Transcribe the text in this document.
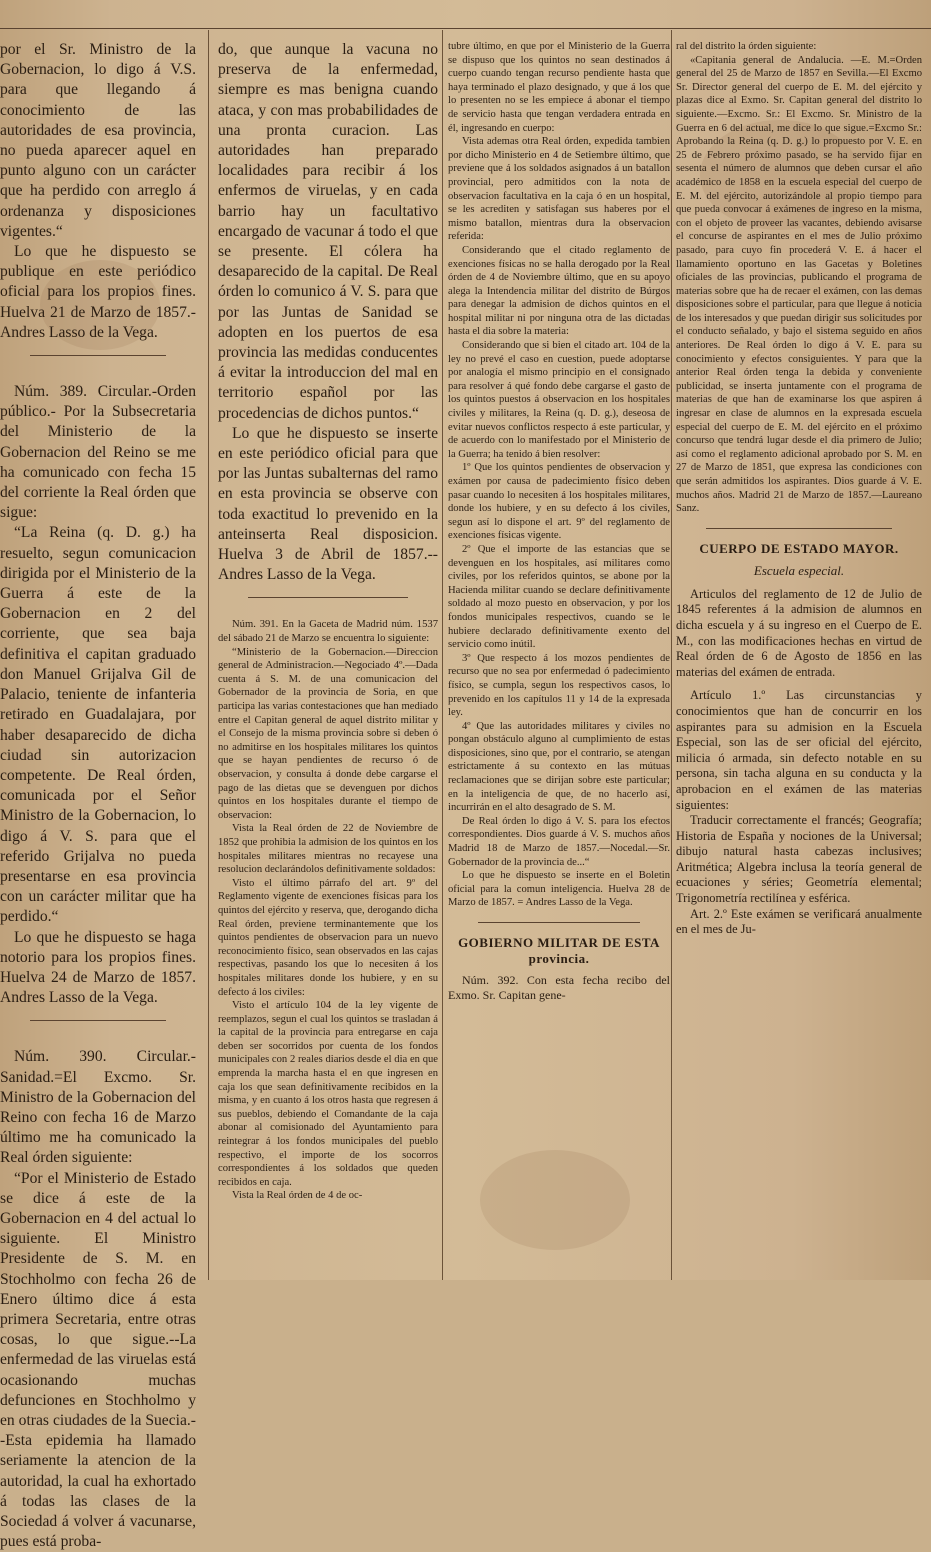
por el Sr. Ministro de la Gobernacion, lo digo á V.S. para que llegando á conocimiento de las autoridades de esa provincia, no pueda aparecer aquel en punto alguno con un carácter que ha perdido con arreglo á ordenanza y disposiciones vigentes.“

Lo que he dispuesto se publique en este periódico oficial para los propios fines. Huelva 21 de Marzo de 1857.-Andres Lasso de la Vega.

Núm. 389. Circular.-Orden público.- Por la Subsecretaria del Ministerio de la Gobernacion del Reino se me ha comunicado con fecha 15 del corriente la Real órden que sigue:

“La Reina (q. D. g.) ha resuelto, segun comunicacion dirigida por el Ministerio de la Guerra á este de la Gobernacion en 2 del corriente, que sea baja definitiva el capitan graduado don Manuel Grijalva Gil de Palacio, teniente de infanteria retirado en Guadalajara, por haber desaparecido de dicha ciudad sin autorizacion competente. De Real órden, comunicada por el Señor Ministro de la Gobernacion, lo digo á V. S. para que el referido Grijalva no pueda presentarse en esa provincia con un carácter militar que ha perdido.“

Lo que he dispuesto se haga notorio para los propios fines. Huelva 24 de Marzo de 1857. Andres Lasso de la Vega.

Núm. 390. Circular.-Sanidad.=El Excmo. Sr. Ministro de la Gobernacion del Reino con fecha 16 de Marzo último me ha comunicado la Real órden siguiente:

“Por el Ministerio de Estado se dice á este de la Gobernacion en 4 del actual lo siguiente. El Ministro Presidente de S. M. en Stochholmo con fecha 26 de Enero último dice á esta primera Secretaria, entre otras cosas, lo que sigue.--La enfermedad de las viruelas está ocasionando muchas defunciones en Stochholmo y en otras ciudades de la Suecia.--Esta epidemia ha llamado seriamente la atencion de la autoridad, la cual ha exhortado á todas las clases de la Sociedad á volver á vacunarse, pues está proba-

do, que aunque la vacuna no preserva de la enfermedad, siempre es mas benigna cuando ataca, y con mas probabilidades de una pronta curacion. Las autoridades han preparado localidades para recibir á los enfermos de viruelas, y en cada barrio hay un facultativo encargado de vacunar á todo el que se presente. El cólera ha desaparecido de la capital. De Real órden lo comunico á V. S. para que por las Juntas de Sanidad se adopten en los puertos de esa provincia las medidas conducentes á evitar la introduccion del mal en territorio español por las procedencias de dichos puntos.“

Lo que he dispuesto se inserte en este periódico oficial para que por las Juntas subalternas del ramo en esta provincia se observe con toda exactitud lo prevenido en la anteinserta Real disposicion. Huelva 3 de Abril de 1857.--Andres Lasso de la Vega.

Núm. 391. En la Gaceta de Madrid núm. 1537 del sábado 21 de Marzo se encuentra lo siguiente:

“Ministerio de la Gobernacion.—Direccion general de Administracion.—Negociado 4º.—Dada cuenta á S. M. de una comunicacion del Gobernador de la provincia de Soria, en que participa las varias contestaciones que han mediado entre el Capitan general de aquel distrito militar y el Consejo de la misma provincia sobre si deben ó no admitirse en los hospitales militares los quintos que se hayan pendientes de recurso ó de observacion, y consulta á donde debe cargarse el pago de las dietas que se devenguen por dichos quintos en los hospitales durante el tiempo de observacion:

Vista la Real órden de 22 de Noviembre de 1852 que prohibia la admision de los quintos en los hospitales militares mientras no recayese una resolucion declarándolos definitivamente soldados:

Visto el último párrafo del art. 9º del Reglamento vigente de exenciones físicas para los quintos del ejército y reserva, que, derogando dicha Real órden, previene terminantemente que los quintos pendientes de observacion para un nuevo reconocimiento físico, sean observados en las cajas respectivas, pasando los que lo necesiten á los hospitales militares donde los hubiere, y en su defecto á los civiles:

Visto el artículo 104 de la ley vigente de reemplazos, segun el cual los quintos se trasladan á la capital de la provincia para entregarse en caja deben ser socorridos por cuenta de los fondos municipales con 2 reales diarios desde el dia en que emprenda la marcha hasta el en que ingresen en caja los que sean definitivamente recibidos en la misma, y en cuanto á los otros hasta que regresen á sus pueblos, debiendo el Comandante de la caja abonar al comisionado del Ayuntamiento para reintegrar á los fondos municipales del pueblo respectivo, el importe de los socorros correspondientes á los soldados que queden recibidos en caja.

Vista la Real órden de 4 de oc-

tubre último, en que por el Ministerio de la Guerra se dispuso que los quintos no sean destinados á cuerpo cuando tengan recurso pendiente hasta que haya terminado el plazo designado, y que á los que lo presenten no se les empiece á abonar el tiempo de servicio hasta que tengan verdadera entrada en él, ingresando en cuerpo:

Vista ademas otra Real órden, expedida tambien por dicho Ministerio en 4 de Setiembre último, que previene que á los soldados asignados á un batallon provincial, pero admitidos con la nota de observacion facultativa en la caja ó en un hospital, se les acrediten y satisfagan sus haberes por el mismo batallon, mientras dura la observacion referida:

Considerando que el citado reglamento de exenciones físicas no se halla derogado por la Real órden de 4 de Noviembre último, que en su apoyo alega la Intendencia militar del distrito de Búrgos para denegar la admision de dichos quintos en el hospital militar ni por ninguna otra de las dictadas hasta el dia sobre la materia:

Considerando que si bien el citado art. 104 de la ley no prevé el caso en cuestion, puede adoptarse por analogía el mismo principio en el consignado para resolver á qué fondo debe cargarse el gasto de los quintos puestos á observacion en los hospitales civiles y militares, la Reina (q. D. g.), deseosa de evitar nuevos conflictos respecto á este particular, y de acuerdo con lo manifestado por el Ministerio de la Guerra; ha tenido á bien resolver:

1º Que los quintos pendientes de observacion y exámen por causa de padecimiento físico deben pasar cuando lo necesiten á los hospitales militares, donde los hubiere, y en su defecto á los civiles, segun así lo dispone el art. 9º del reglamento de exenciones físicas vigente.

2º Que el importe de las estancias que se devenguen en los hospitales, así militares como civiles, por los referidos quintos, se abone por la Hacienda militar cuando se declare definitivamente soldado al mozo puesto en observacion, y por los fondos municipales respectivos, cuando se le hubiere declarado definitivamente exento del servicio como inútil.

3º Que respecto á los mozos pendientes de recurso que no sea por enfermedad ó padecimiento físico, se cumpla, segun los respectivos casos, lo prevenido en los capítulos 11 y 14 de la expresada ley.

4º Que las autoridades militares y civiles no pongan obstáculo alguno al cumplimiento de estas disposiciones, sino que, por el contrario, se atengan estrictamente á su contexto en las mútuas reclamaciones que se dirijan sobre este particular; en la inteligencia de que, de no hacerlo así, incurrirán en el alto desagrado de S. M.

De Real órden lo digo á V. S. para los efectos correspondientes. Dios guarde á V. S. muchos años Madrid 18 de Marzo de 1857.—Nocedal.—Sr. Gobernador de la provincia de...“

Lo que he dispuesto se inserte en el Boletin oficial para la comun inteligencia. Huelva 28 de Marzo de 1857. = Andres Lasso de la Vega.

GOBIERNO MILITAR DE ESTA provincia.

Núm. 392. Con esta fecha recibo del Exmo. Sr. Capitan gene-

ral del distrito la órden siguiente:

«Capitania general de Andalucia. —E. M.=Orden general del 25 de Marzo de 1857 en Sevilla.—El Excmo Sr. Director general del cuerpo de E. M. del ejército y plazas dice al Exmo. Sr. Capitan general del distrito lo siguiente.—Excmo. Sr.: El Excmo. Sr. Ministro de la Guerra en 6 del actual, me dice lo que sigue.=Excmo Sr.: Aprobando la Reina (q. D. g.) lo propuesto por V. E. en 25 de Febrero próximo pasado, se ha servido fijar en sesenta el número de alumnos que deben cursar el año académico de 1858 en la escuela especial del cuerpo de E. M. del ejército, autorizándole al propio tiempo para que pueda convocar á exámenes de ingreso en la misma, con el objeto de proveer las vacantes, debiendo avisarse el concurse de aspirantes en el mes de Julio próximo pasado, para cuyo fin procederá V. E. á hacer el llamamiento oportuno en las Gacetas y Boletines oficiales de las provincias, publicando el programa de materias sobre que ha de recaer el exámen, con las demas disposiciones sobre el particular, para que llegue á noticia de los interesados y que puedan dirigir sus solicitudes por el conducto señalado, y bajo el sistema seguido en años anteriores. De Real órden lo digo á V. E. para su conocimiento y efectos consiguientes. Y para que la anterior Real órden tenga la debida y conveniente publicidad, se inserta juntamente con el programa de materias de que han de examinarse los que aspiren á ingresar en clase de alumnos en la expresada escuela especial del cuerpo de E. M. del ejército en el próximo concurso que tendrá lugar desde el dia primero de Julio; así como el reglamento adicional aprobado por S. M. en 27 de Marzo de 1851, que expresa las condiciones con que serán admitidos los aspirantes. Dios guarde á V. E. muchos años. Madrid 21 de Marzo de 1857.—Laureano Sanz.

CUERPO DE ESTADO MAYOR.
Escuela especial.

Articulos del reglamento de 12 de Julio de 1845 referentes á la admision de alumnos en dicha escuela y á su ingreso en el Cuerpo de E. M., con las modificaciones hechas en virtud de Real órden de 6 de Agosto de 1856 en las materias del exámen de entrada.

Artículo 1.º Las circunstancias y conocimientos que han de concurrir en los aspirantes para su admision en la Escuela Especial, son las de ser oficial del ejército, milicia ó armada, sin defecto notable en su persona, sin tacha alguna en su conducta y la aprobacion en el exámen de las materias siguientes:

Traducir correctamente el francés; Geografía; Historia de España y nociones de la Universal; dibujo natural hasta cabezas inclusives; Aritmética; Algebra inclusa la teoría general de ecuaciones y séries; Geometría elemental; Trigonometría rectilínea y esférica.

Art. 2.º Este exámen se verificará anualmente en el mes de Ju-
